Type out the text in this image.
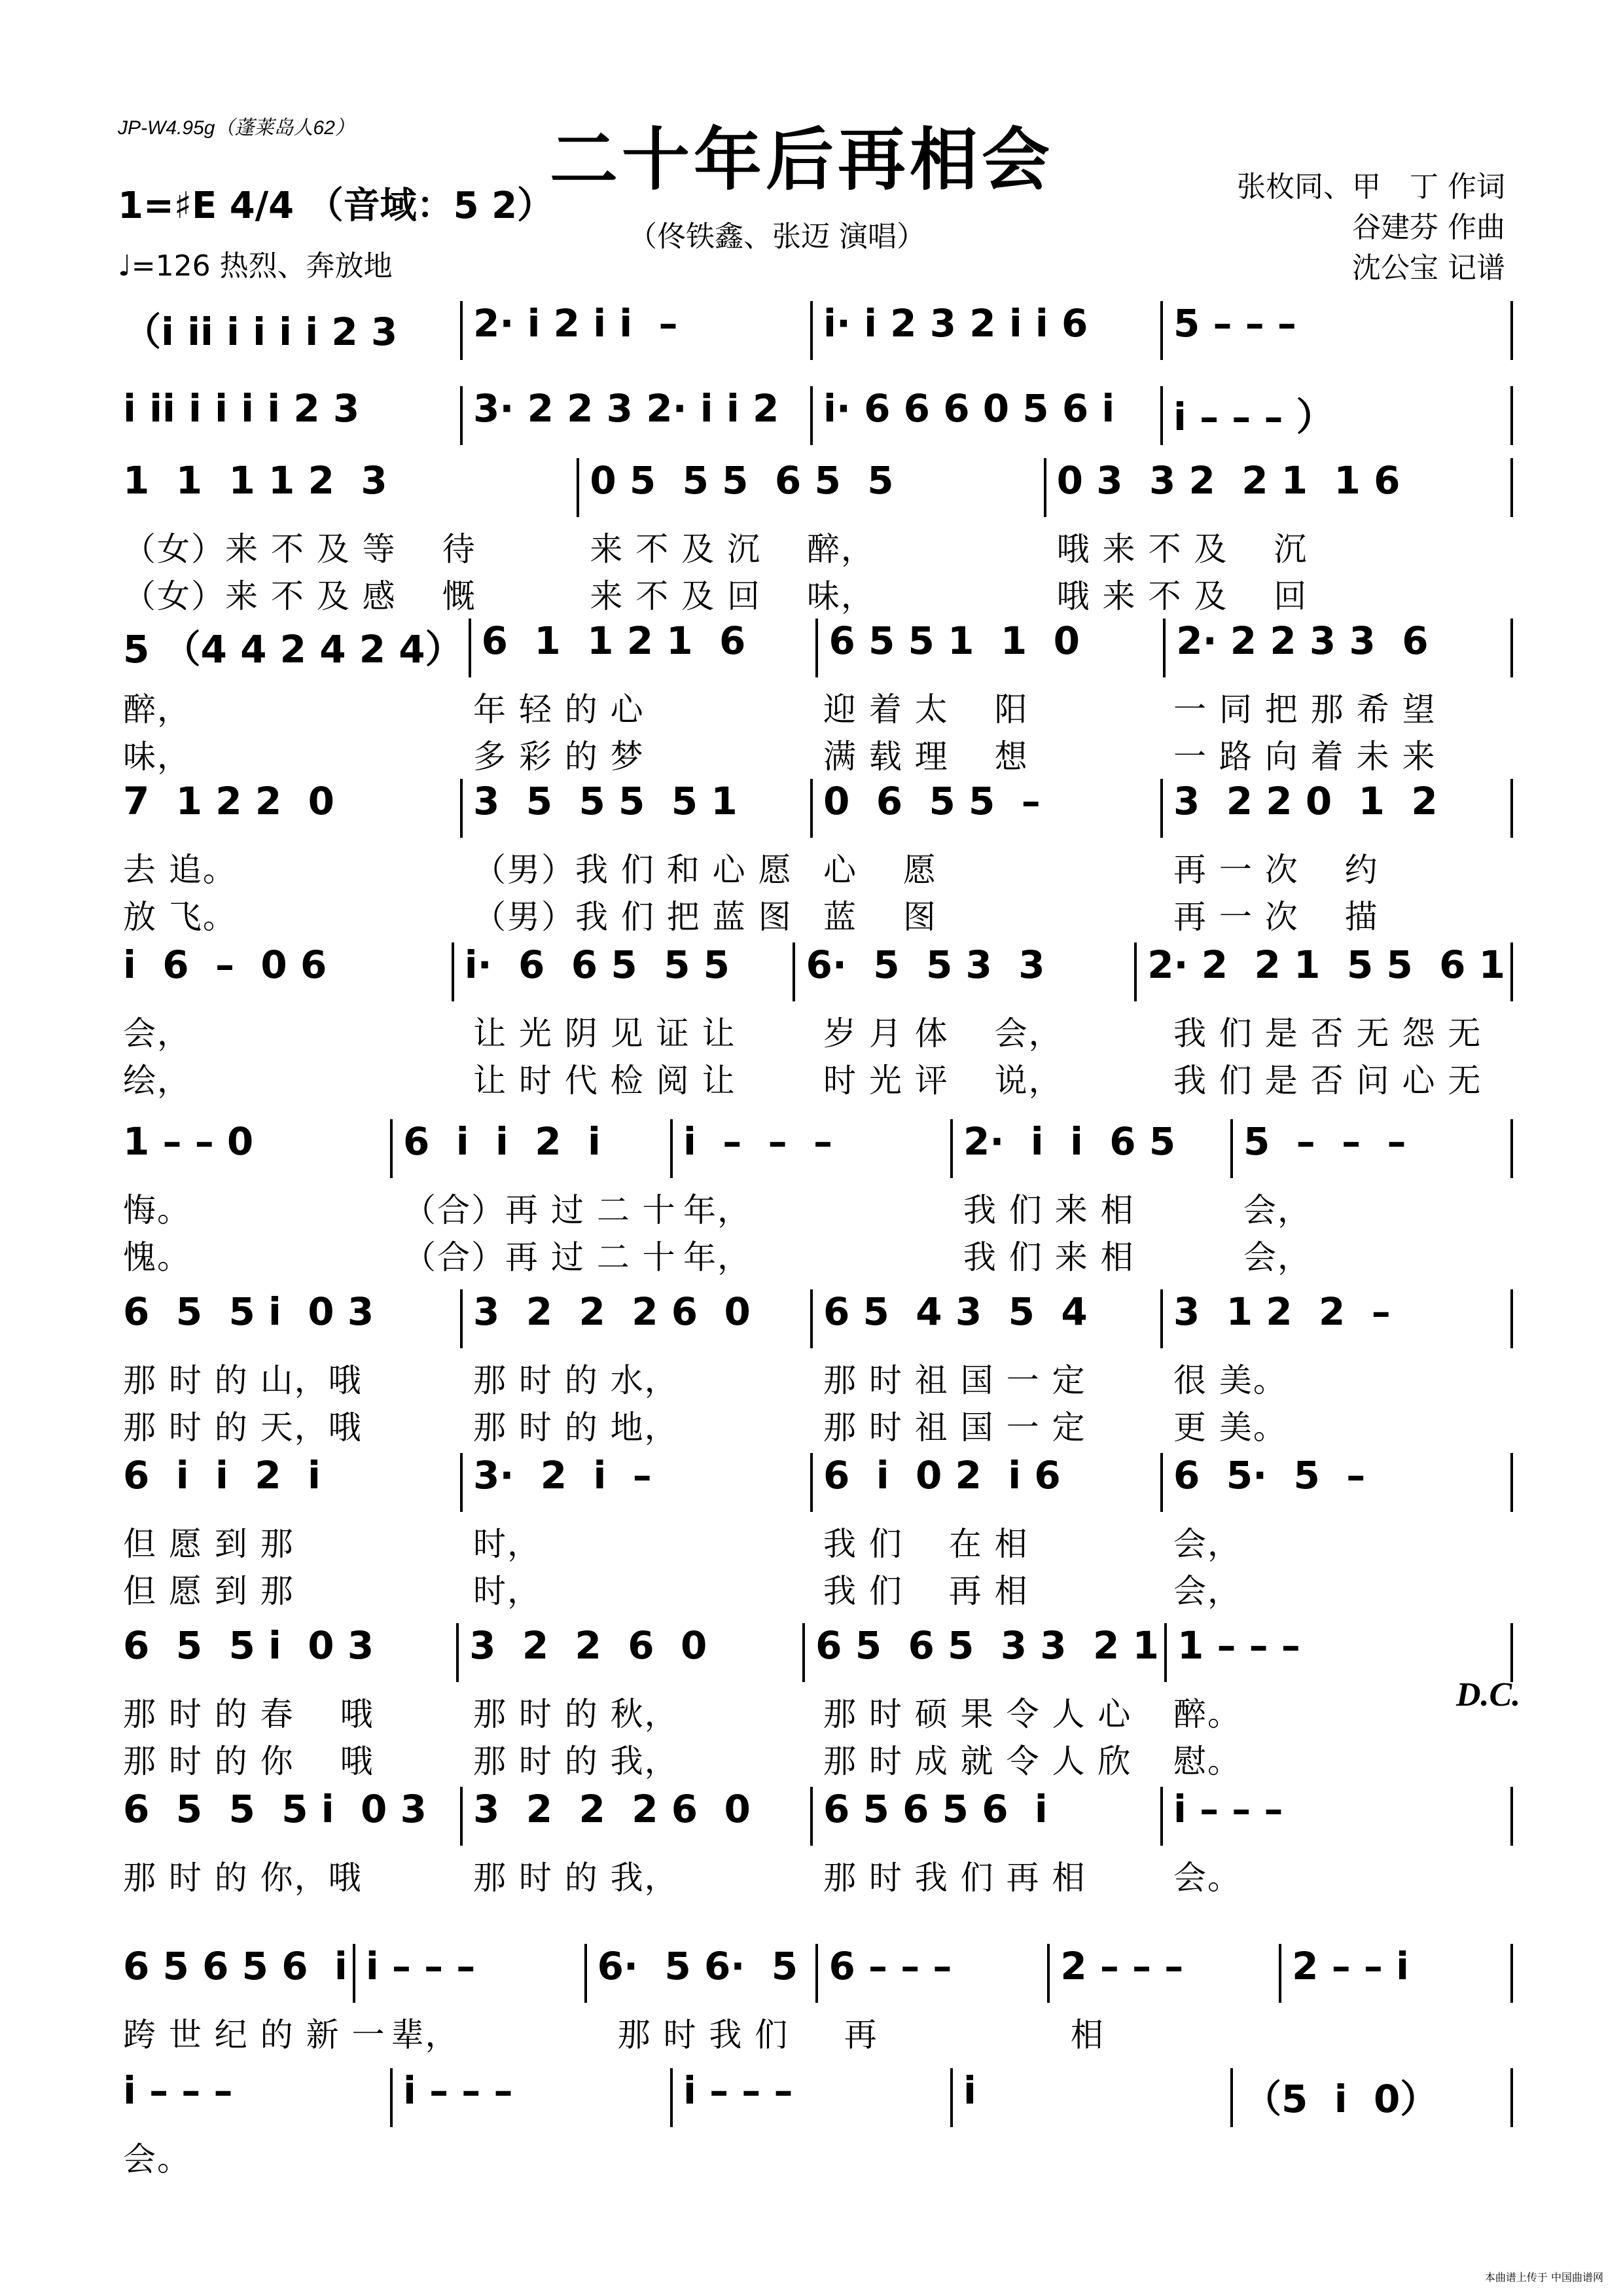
JP-W4.95g（蓬莱岛人62）	二十年后再相会
1=♯E 4/4 （音域：5 2）
♩=126 热烈、奔放地
（佟铁鑫、张迈 演唱）
张枚同、甲　丁 作词
谷建芬 作曲
沈公宝 记谱
（i ii i i i i 2 3	2· i 2 i i  –	i· i 2 3 2 i i 6	5 – – –
i ii i i i i 2 3	3· 2 2 3 2· i i 2	i· 6 6 6 0 5 6 i	i – – – ）
1  1  1 1 2  3	0 5  5 5  6 5  5	0 3  3 2  2 1  1 6
（女）来 不 及 等　 待	来 不 及 沉　 醉，	哦 来 不 及　 沉
（女）来 不 及 感　 慨	来 不 及 回　 味，	哦 来 不 及　 回
5 （4 4 2 4 2 4） 6  1  1 2 1  6	6 5 5 1  1  0	2· 2 2 3 3  6
醉，	年 轻 的 心	迎 着 太　 阳	一 同 把 那 希 望
味，	多 彩 的 梦	满 载 理　 想	一 路 向 着 未 来
7  1 2 2  0	3  5  5 5  5 1	0  6  5 5  –	3  2 2 0  1  2
去 追。	（男）我 们 和 心 愿 心　 愿	再 一 次　 约
放 飞。	（男）我 们 把 蓝 图 蓝　 图	再 一 次　 描
i  6  –  0 6	i·  6  6 5  5 5	6·  5  5 3  3	2· 2  2 1  5 5  6 1
会，	让 光 阴 见 证 让	岁 月 体　 会，	我 们 是 否 无 怨 无
绘，	让 时 代 检 阅 让	时 光 评　 说，	我 们 是 否 问 心 无
1 – – 0	6  i  i  2  i	i  –  –  –	2·  i  i  6 5	5  –  –  –
悔。	（合）再 过 二 十 年，	我 们 来 相	会，
愧。	（合）再 过 二 十 年，	我 们 来 相	会，
6  5  5 i  0 3	3  2  2  2 6  0	6 5  4 3  5  4	3  1 2  2  –
那 时 的 山，哦	那 时 的 水，	那 时 祖 国 一 定	很 美。
那 时 的 天，哦	那 时 的 地，	那 时 祖 国 一 定	更 美。
6  i  i  2  i	3·  2  i  –	6  i  0 2  i 6	6  5·  5  –
但 愿 到 那	时，	我 们　 在 相	会，
但 愿 到 那	时，	我 们　 再 相	会，
6  5  5 i  0 3	3  2  2  6  0	6 5  6 5  3 3  2 1 1 – – –
那 时 的 春　 哦	那 时 的 秋，	那 时 硕 果 令 人 心	醉。
那 时 的 你　 哦	那 时 的 我，	那 时 成 就 令 人 欣	慰。
6  5  5  5 i  0 3	3  2  2  2 6  0	6 5 6 5 6  i	i – – –
那 时 的 你，哦	那 时 的 我，	那 时 我 们 再 相	会。
6 5 6 5 6  i i – – –	6·  5 6·  5 6 – – –	2 – – –	2 – – i
跨 世 纪 的 新 一 辈，	那 时 我 们	再	相
i – – –	i – – –	i – – –	i	（5  i  0）
会。
D.C.
本曲谱上传于 中国曲谱网
